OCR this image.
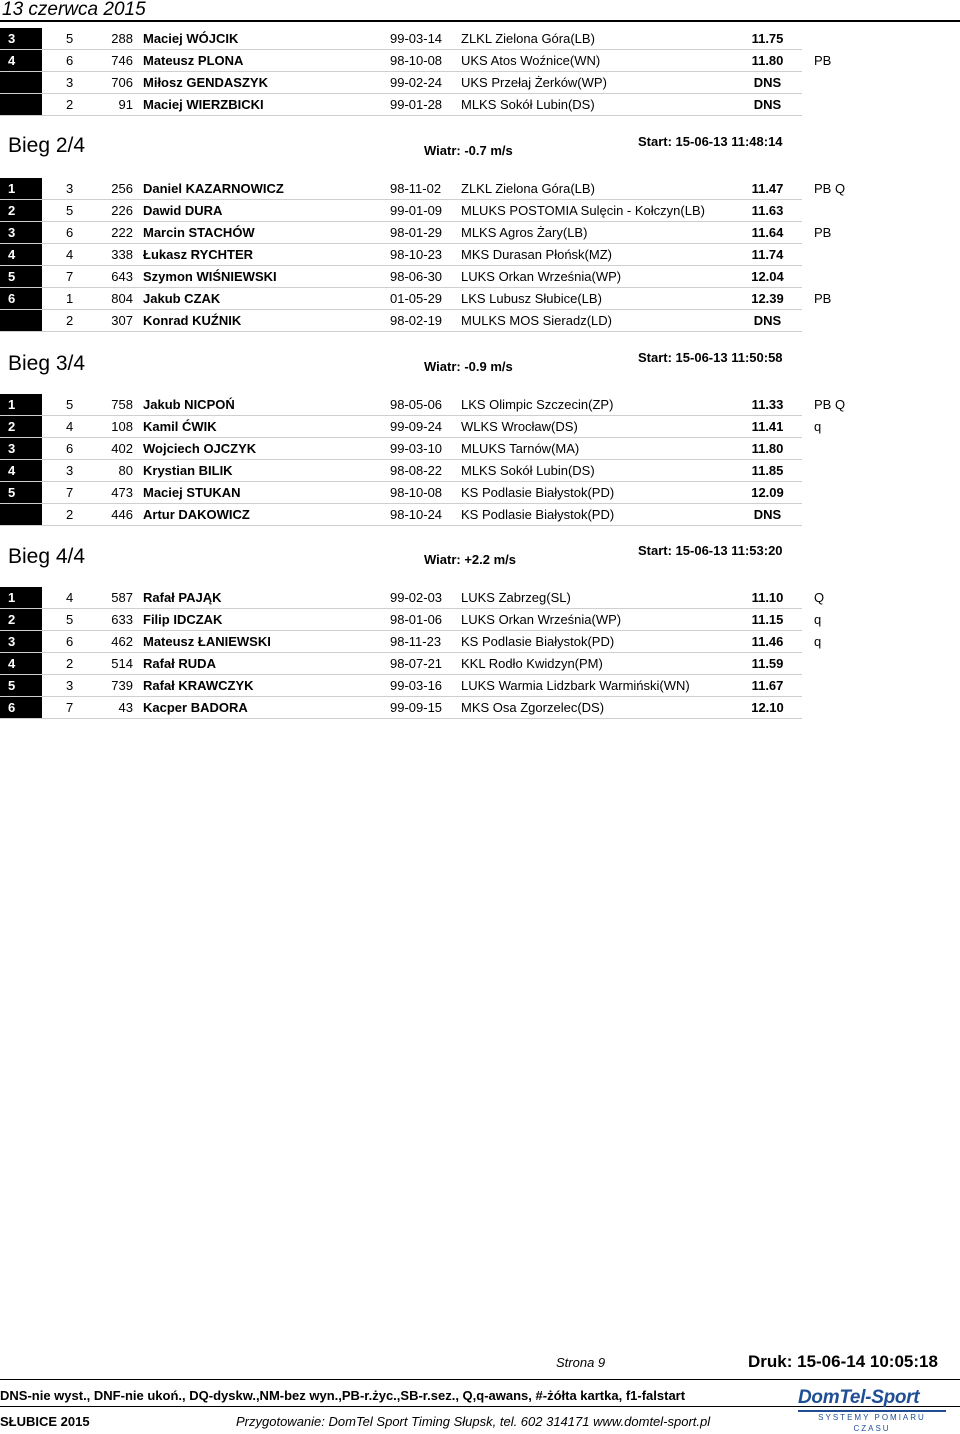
13 czerwca 2015
3	5	288	Maciej WÓJCIK	99-03-14	ZLKL Zielona Góra(LB)	11.75	
4	6	746	Mateusz PLONA	98-10-08	UKS Atos Woźnice(WN)	11.80	PB
	3	706	Miłosz GENDASZYK	99-02-24	UKS Przełaj Żerków(WP)	DNS	
	2	91	Maciej WIERZBICKI	99-01-28	MLKS Sokół Lubin(DS)	DNS	
Bieg 2/4	Wiatr: -0.7 m/s
Start: 15-06-13 11:48:14
1	3	256	Daniel KAZARNOWICZ	98-11-02	ZLKL Zielona Góra(LB)	11.47	PB Q
2	5	226	Dawid DURA	99-01-09	MLUKS POSTOMIA Sulęcin - Kołczyn(LB)	11.63	
3	6	222	Marcin STACHÓW	98-01-29	MLKS Agros Żary(LB)	11.64	PB
4	4	338	Łukasz RYCHTER	98-10-23	MKS Durasan Płońsk(MZ)	11.74	
5	7	643	Szymon WIŚNIEWSKI	98-06-30	LUKS Orkan Września(WP)	12.04	
6	1	804	Jakub CZAK	01-05-29	LKS Lubusz Słubice(LB)	12.39	PB
	2	307	Konrad KUŹNIK	98-02-19	MULKS MOS Sieradz(LD)	DNS	
Bieg 3/4	Wiatr: -0.9 m/s
Start: 15-06-13 11:50:58
1	5	758	Jakub NICPOŃ	98-05-06	LKS Olimpic Szczecin(ZP)	11.33	PB Q
2	4	108	Kamil ĆWIK	99-09-24	WLKS Wrocław(DS)	11.41	q
3	6	402	Wojciech OJCZYK	99-03-10	MLUKS Tarnów(MA)	11.80	
4	3	80	Krystian BILIK	98-08-22	MLKS Sokół Lubin(DS)	11.85	
5	7	473	Maciej STUKAN	98-10-08	KS Podlasie Białystok(PD)	12.09	
	2	446	Artur DAKOWICZ	98-10-24	KS Podlasie Białystok(PD)	DNS	
Bieg 4/4	Wiatr: +2.2 m/s
Start: 15-06-13 11:53:20
1	4	587	Rafał PAJĄK	99-02-03	LUKS Zabrzeg(SL)	11.10	Q
2	5	633	Filip IDCZAK	98-01-06	LUKS Orkan Września(WP)	11.15	q
3	6	462	Mateusz ŁANIEWSKI	98-11-23	KS Podlasie Białystok(PD)	11.46	q
4	2	514	Rafał RUDA	98-07-21	KKL Rodło Kwidzyn(PM)	11.59	
5	3	739	Rafał KRAWCZYK	99-03-16	LUKS Warmia Lidzbark Warmiński(WN)	11.67	
6	7	43	Kacper BADORA	99-09-15	MKS Osa Zgorzelec(DS)	12.10	
Strona 9	Druk: 15-06-14 10:05:18
DNS-nie wyst., DNF-nie ukoń., DQ-dyskw.,NM-bez wyn.,PB-r.życ.,SB-r.sez., Q,q-awans, #-żółta kartka, f1-falstart
SŁUBICE 2015	Przygotowanie: DomTel Sport Timing Słupsk, tel. 602 314171 www.domtel-sport.pl
DomTel-Sport
SYSTEMY POMIARU CZASU
